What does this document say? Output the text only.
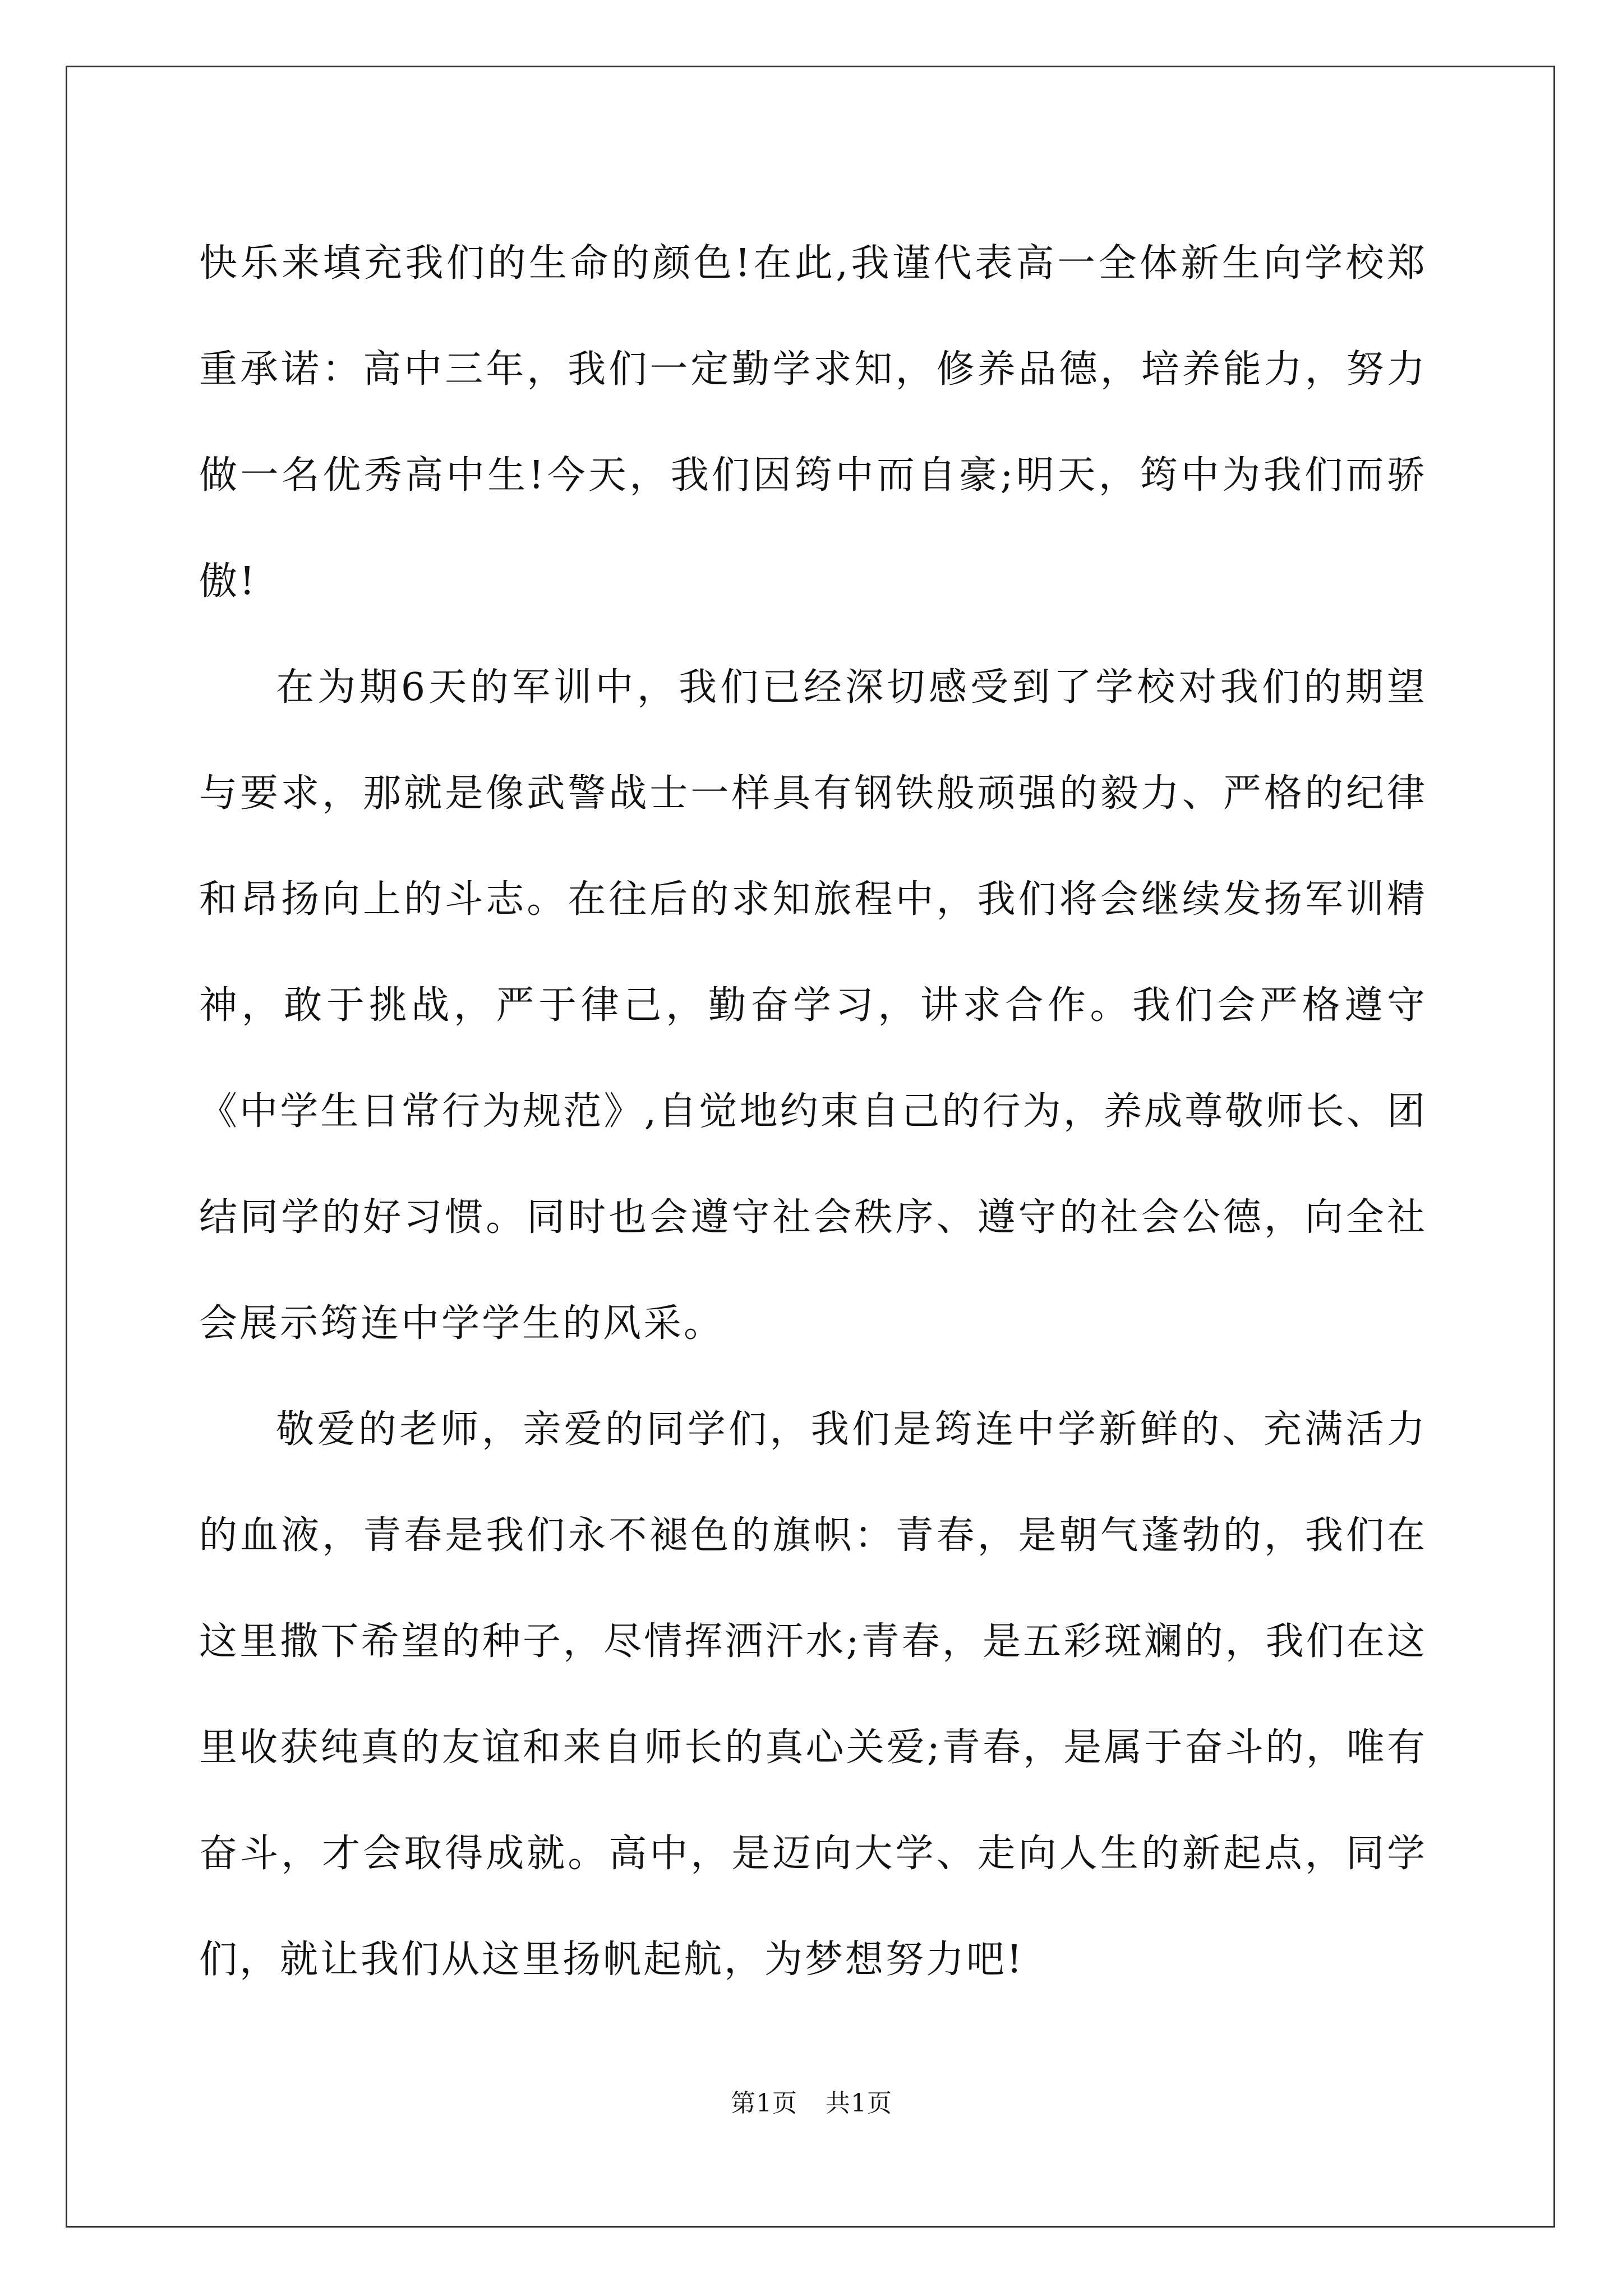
快乐来填充我们的生命的颜色!在此,我谨代表高一全体新生向学校郑重承诺：高中三年，我们一定勤学求知，修养品德，培养能力，努力做一名优秀高中生!今天，我们因筠中而自豪;明天，筠中为我们而骄傲!

在为期6天的军训中，我们已经深切感受到了学校对我们的期望与要求，那就是像武警战士一样具有钢铁般顽强的毅力、严格的纪律和昂扬向上的斗志。在往后的求知旅程中，我们将会继续发扬军训精神，敢于挑战，严于律己，勤奋学习，讲求合作。我们会严格遵守《中学生日常行为规范》,自觉地约束自己的行为，养成尊敬师长、团结同学的好习惯。同时也会遵守社会秩序、遵守的社会公德，向全社会展示筠连中学学生的风采。

敬爱的老师，亲爱的同学们，我们是筠连中学新鲜的、充满活力的血液，青春是我们永不褪色的旗帜：青春，是朝气蓬勃的，我们在这里撒下希望的种子，尽情挥洒汗水;青春，是五彩斑斓的，我们在这里收获纯真的友谊和来自师长的真心关爱;青春，是属于奋斗的，唯有奋斗，才会取得成就。高中，是迈向大学、走向人生的新起点，同学们，就让我们从这里扬帆起航，为梦想努力吧!

第1页 共1页
